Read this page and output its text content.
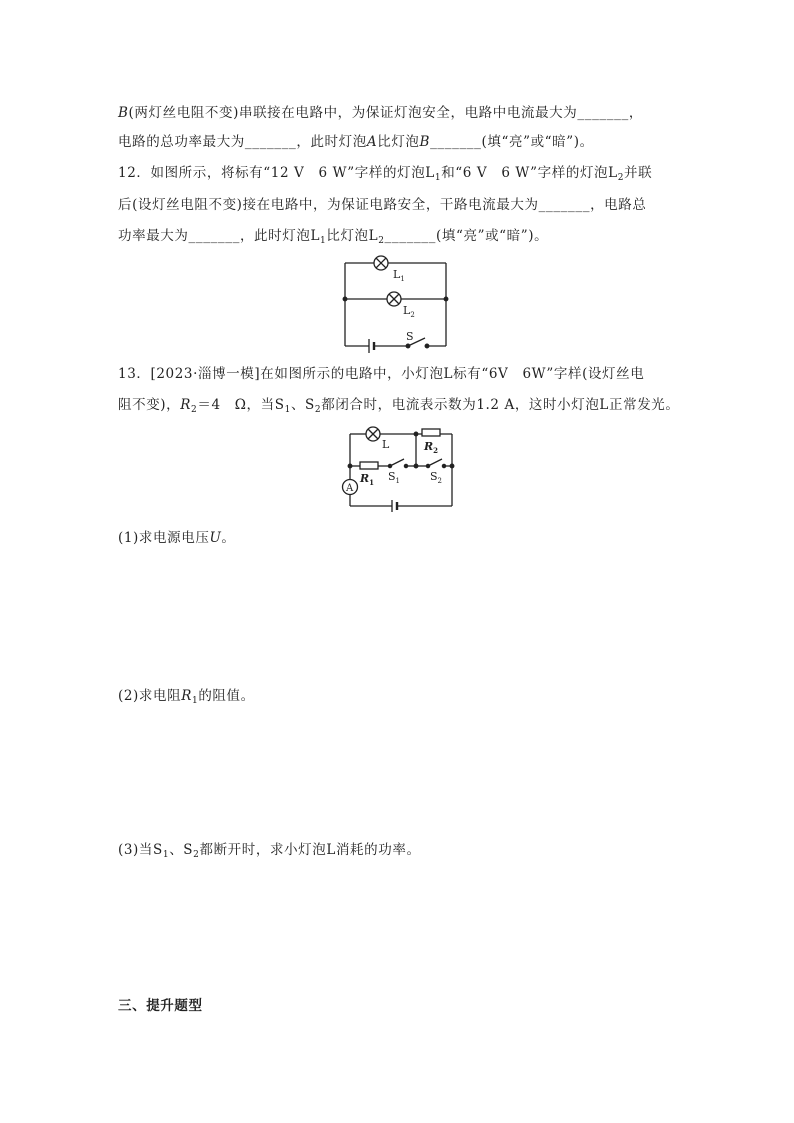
B(两灯丝电阻不变)串联接在电路中，为保证灯泡安全，电路中电流最大为_______，
电路的总功率最大为_______，此时灯泡A比灯泡B_______(填“亮”或“暗”)。
12．如图所示，将标有“12 V　6 W”字样的灯泡$L_1$和“6 V　6 W”字样的灯泡$L_2$并联
后(设灯丝电阻不变)接在电路中，为保证电路安全，干路电流最大为_______，电路总
功率最大为_______，此时灯泡$L_1$比灯泡$L_2\_\_\_\_\_\_\_$(填“亮”或“暗”)。
$L_1$
$L_2$
S
13．[2023·淄博一模]在如图所示的电路中，小灯泡L标有“6V　6W”字样(设灯丝电
阻不变)，$R_2=4$　Ω，当$S_1$、$S_2$都闭合时，电流表示数为1.2 A，这时小灯泡L正常发光。
A
L	$R_2$
$R_1$ $S_1$	$S_2$
(1)求电源电压U。
(2)求电阻$R_1$的阻值。
(3)当$S_1$、$S_2$都断开时，求小灯泡L消耗的功率。
三、提升题型
